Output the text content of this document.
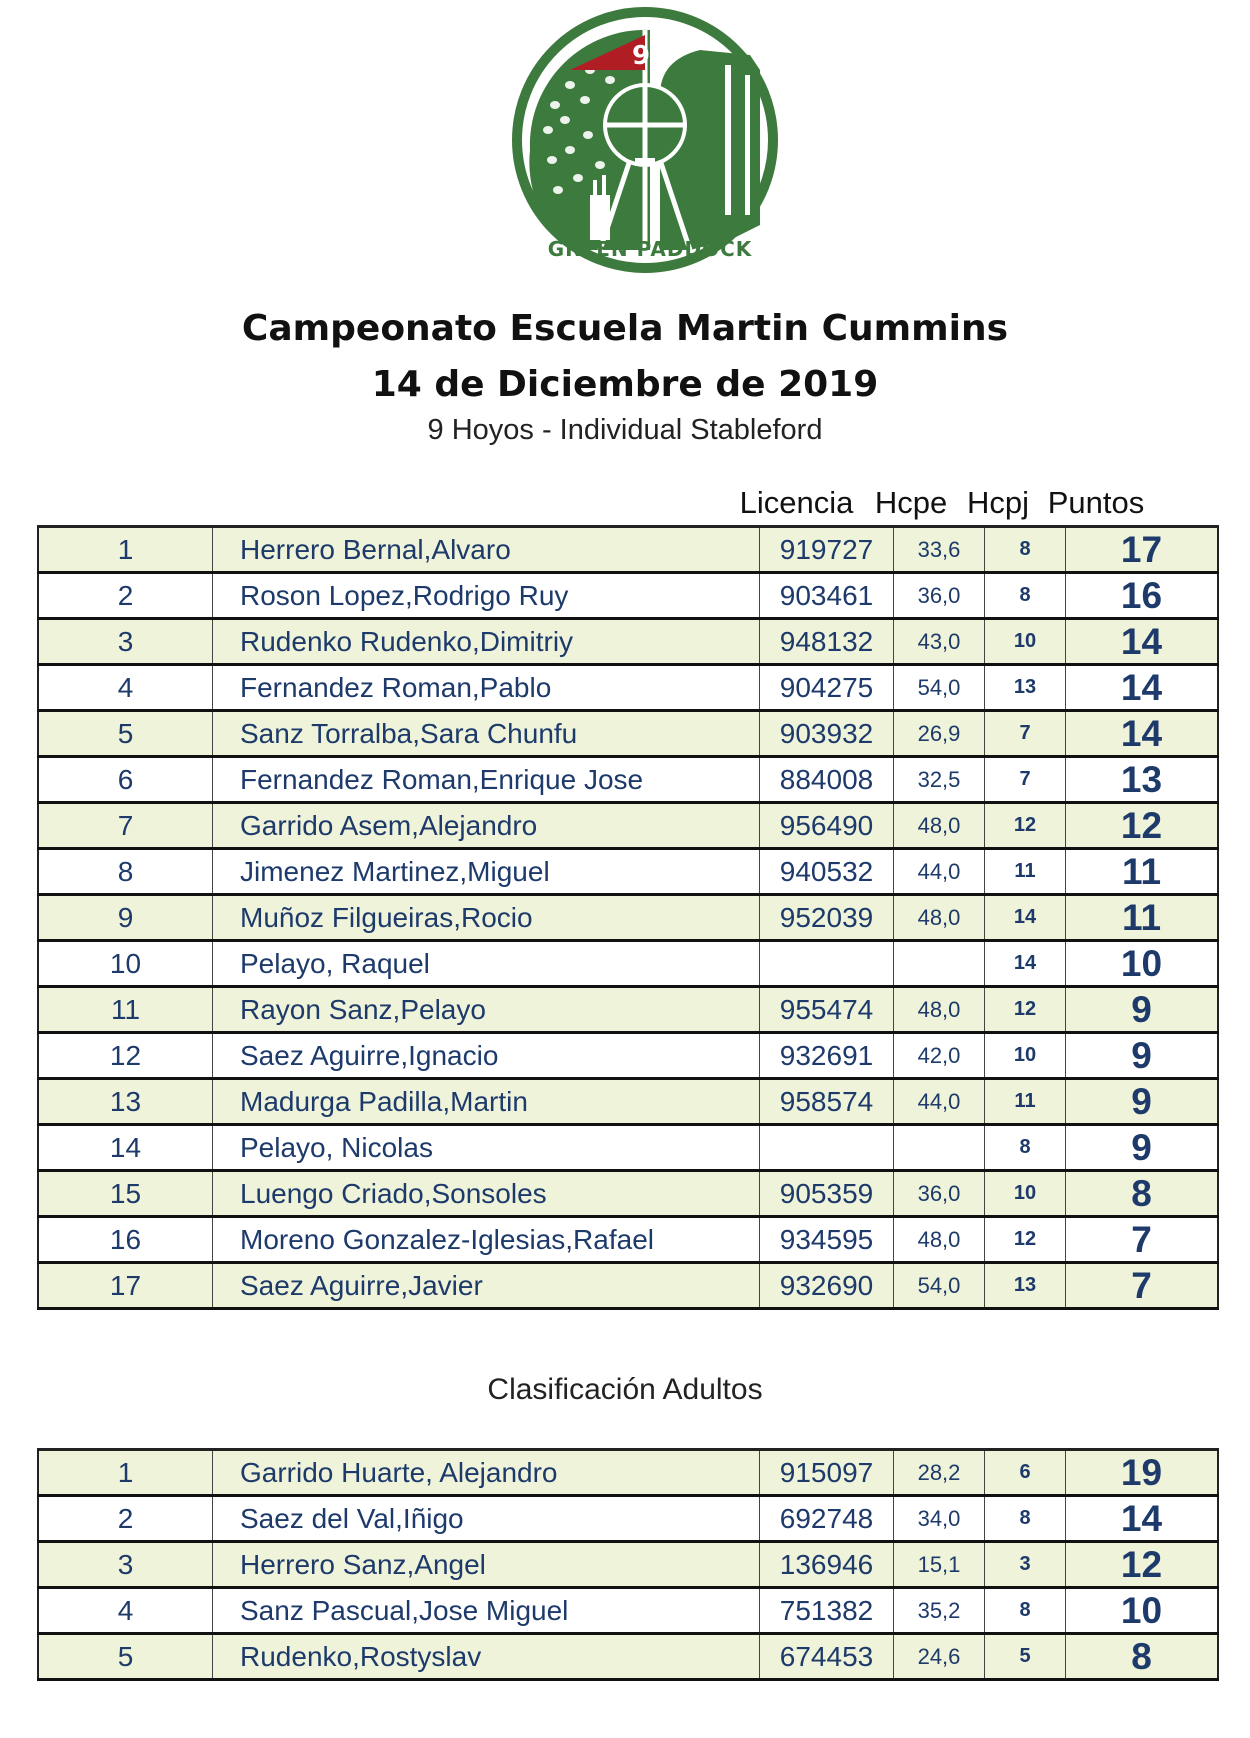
9
GREEN PADDOCK
Campeonato Escuela Martin Cummins
14 de Diciembre de 2019
9 Hoyos - Individual Stableford
Licencia Hcpe Hcpj Puntos
1	Herrero Bernal,Alvaro	919727	33,6	8	17
2	Roson Lopez,Rodrigo Ruy	903461	36,0	8	16
3	Rudenko Rudenko,Dimitriy	948132	43,0	10	14
4	Fernandez Roman,Pablo	904275	54,0	13	14
5	Sanz Torralba,Sara Chunfu	903932	26,9	7	14
6	Fernandez Roman,Enrique Jose	884008	32,5	7	13
7	Garrido Asem,Alejandro	956490	48,0	12	12
8	Jimenez Martinez,Miguel	940532	44,0	11	11
9	Muñoz Filgueiras,Rocio	952039	48,0	14	11
10	Pelayo, Raquel			14	10
11	Rayon Sanz,Pelayo	955474	48,0	12	9
12	Saez Aguirre,Ignacio	932691	42,0	10	9
13	Madurga Padilla,Martin	958574	44,0	11	9
14	Pelayo, Nicolas			8	9
15	Luengo Criado,Sonsoles	905359	36,0	10	8
16	Moreno Gonzalez-Iglesias,Rafael	934595	48,0	12	7
17	Saez Aguirre,Javier	932690	54,0	13	7
Clasificación Adultos
1	Garrido Huarte, Alejandro	915097	28,2	6	19
2	Saez del Val,Iñigo	692748	34,0	8	14
3	Herrero Sanz,Angel	136946	15,1	3	12
4	Sanz Pascual,Jose Miguel	751382	35,2	8	10
5	Rudenko,Rostyslav	674453	24,6	5	8
